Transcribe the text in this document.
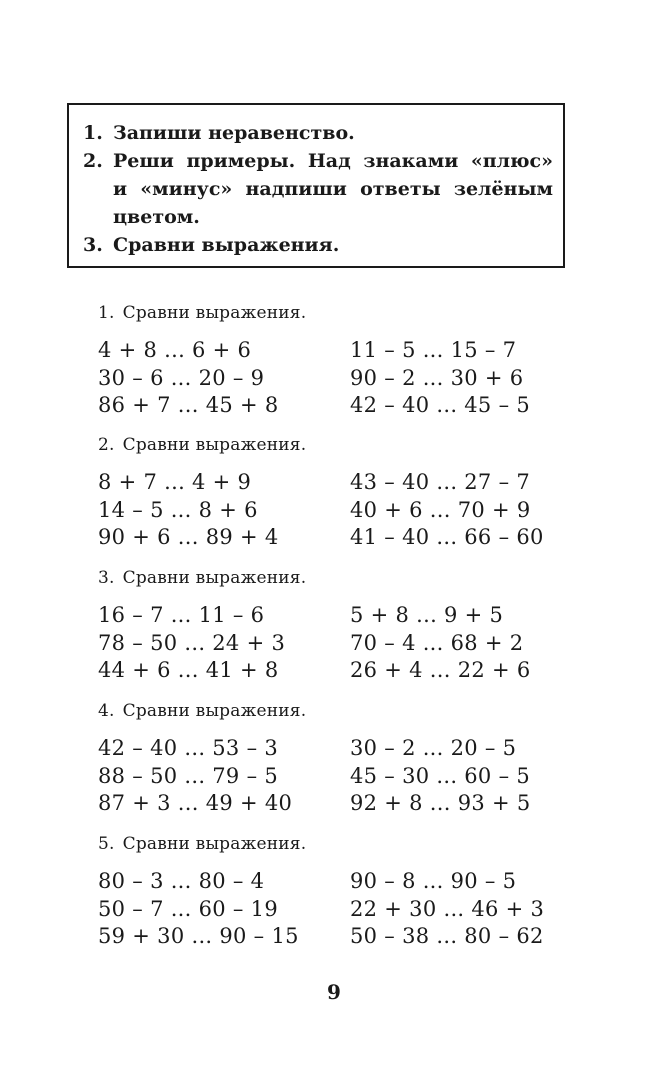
1. Запиши неравенство.
2. Реши примеры. Над знаками «плюс»
и «минус» надпиши ответы зелёным
цветом.
3. Сравни выражения.
1. Сравни выражения.
4 + 8 ... 6 + 6	11 – 5 ... 15 – 7
30 – 6 ... 20 – 9	90 – 2 ... 30 + 6
86 + 7 ... 45 + 8	42 – 40 ... 45 – 5
2. Сравни выражения.
8 + 7 ... 4 + 9	43 – 40 ... 27 – 7
14 – 5 ... 8 + 6	40 + 6 ... 70 + 9
90 + 6 ... 89 + 4	41 – 40 ... 66 – 60
3. Сравни выражения.
16 – 7 ... 11 – 6	5 + 8 ... 9 + 5
78 – 50 ... 24 + 3	70 – 4 ... 68 + 2
44 + 6 ... 41 + 8	26 + 4 ... 22 + 6
4. Сравни выражения.
42 – 40 ... 53 – 3	30 – 2 ... 20 – 5
88 – 50 ... 79 – 5	45 – 30 ... 60 – 5
87 + 3 ... 49 + 40	92 + 8 ... 93 + 5
5. Сравни выражения.
80 – 3 ... 80 – 4	90 – 8 ... 90 – 5
50 – 7 ... 60 – 19	22 + 30 ... 46 + 3
59 + 30 ... 90 – 15	50 – 38 ... 80 – 62
9
